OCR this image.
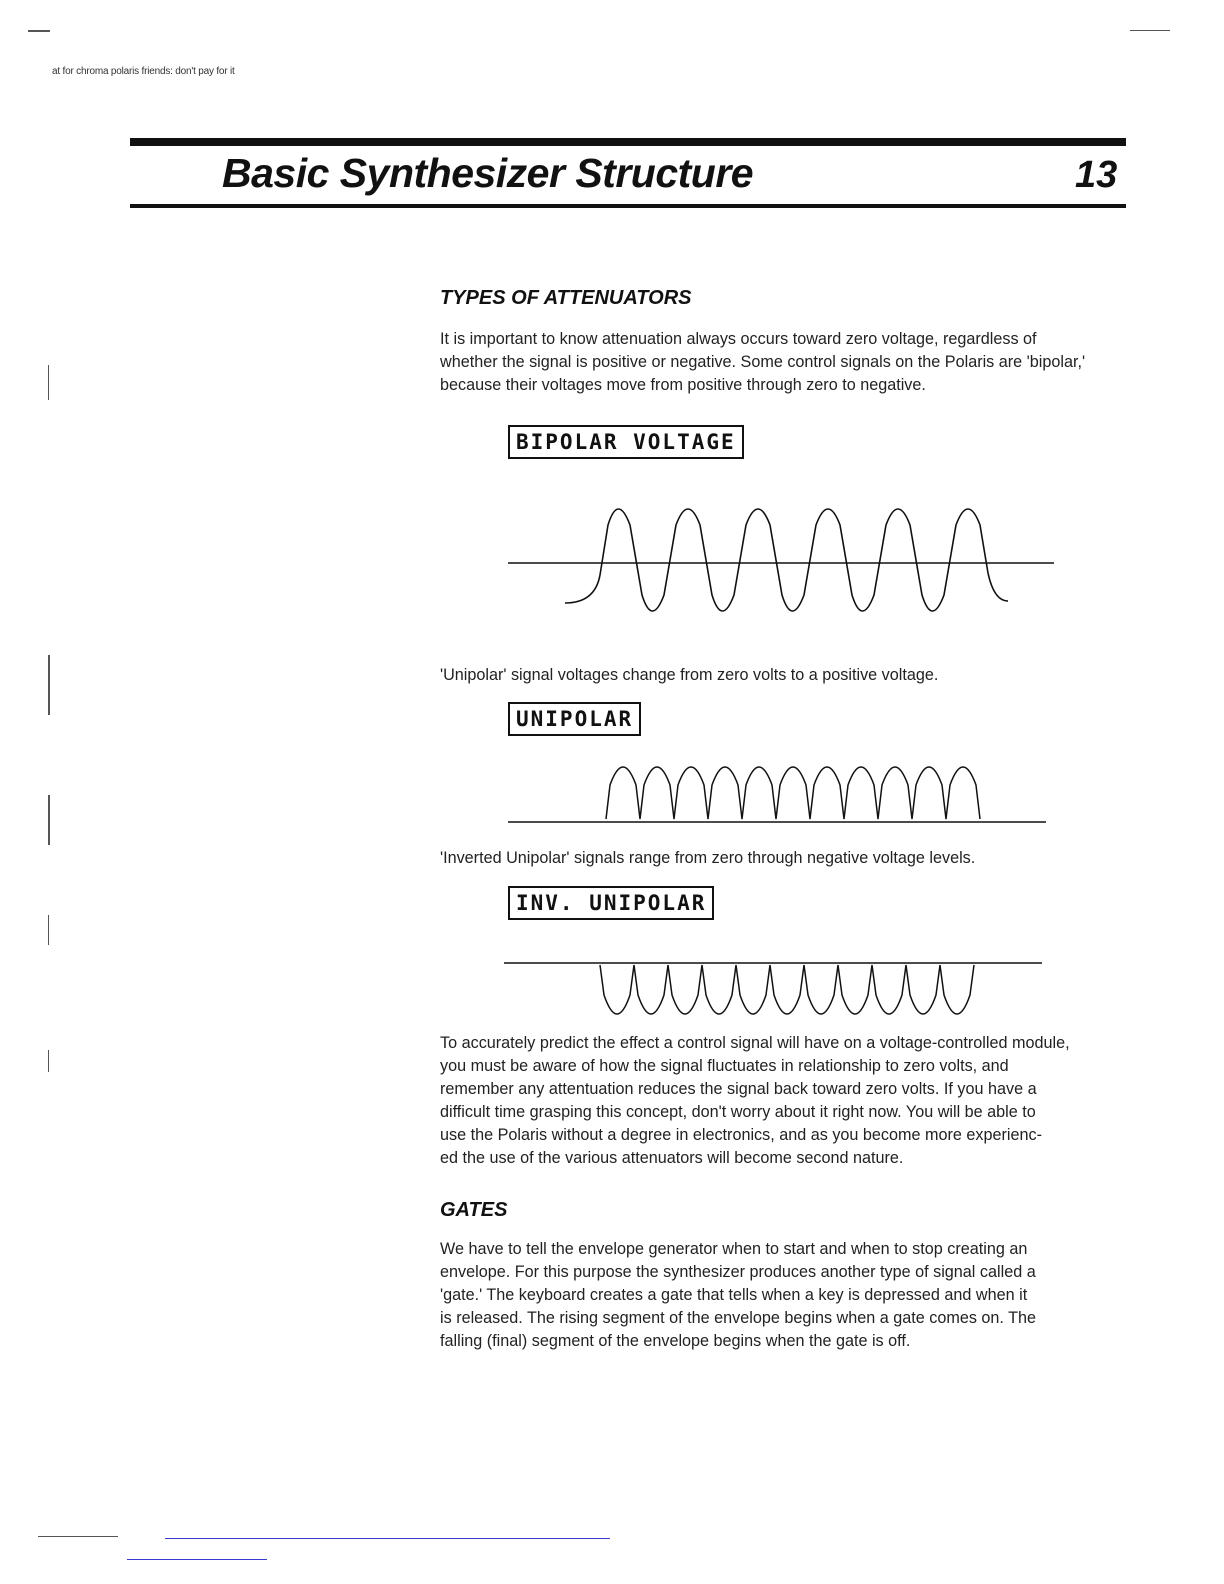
at for chroma polaris friends: don't pay for it
Basic Synthesizer Structure	13
TYPES OF ATTENUATORS
It is important to know attenuation always occurs toward zero voltage, regardless of
whether the signal is positive or negative. Some control signals on the Polaris are 'bipolar,'
because their voltages move from positive through zero to negative.
BIPOLAR VOLTAGE
'Unipolar' signal voltages change from zero volts to a positive voltage.
UNIPOLAR
'Inverted Unipolar' signals range from zero through negative voltage levels.
INV. UNIPOLAR
To accurately predict the effect a control signal will have on a voltage-controlled module,
you must be aware of how the signal fluctuates in relationship to zero volts, and
remember any attentuation reduces the signal back toward zero volts. If you have a
difficult time grasping this concept, don't worry about it right now. You will be able to
use the Polaris without a degree in electronics, and as you become more experienc-
ed the use of the various attenuators will become second nature.
GATES
We have to tell the envelope generator when to start and when to stop creating an
envelope. For this purpose the synthesizer produces another type of signal called a
'gate.' The keyboard creates a gate that tells when a key is depressed and when it
is released. The rising segment of the envelope begins when a gate comes on. The
falling (final) segment of the envelope begins when the gate is off.
